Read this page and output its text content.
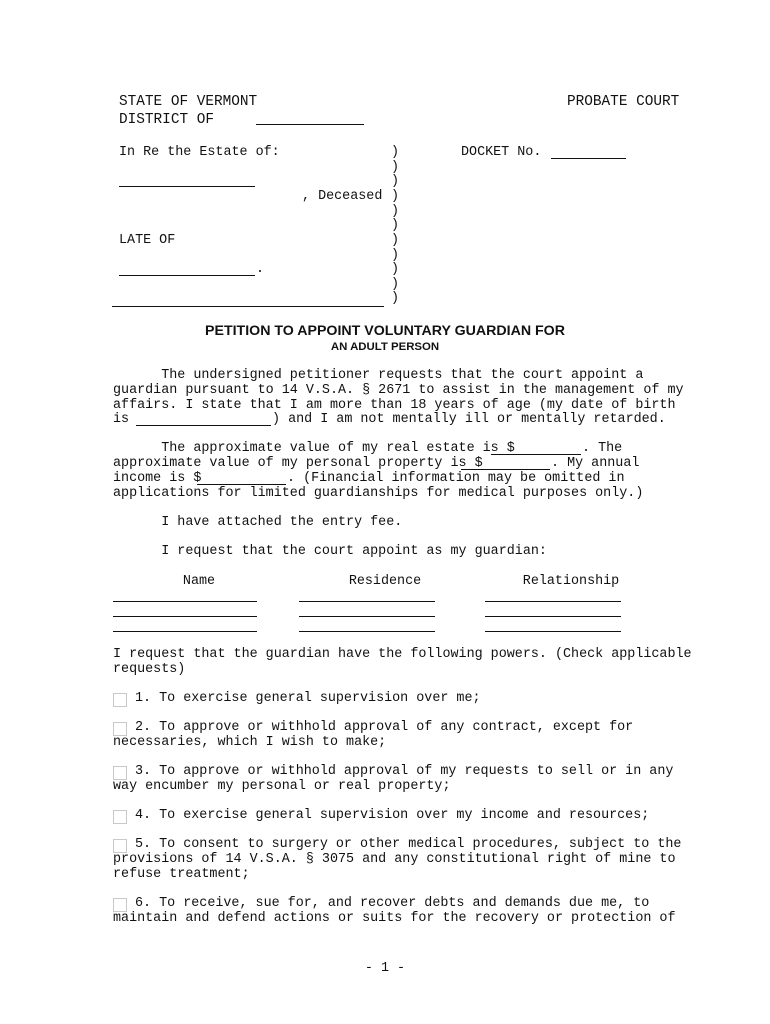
STATE OF VERMONT	PROBATE COURT
DISTRICT OF
In Re the Estate of:
, Deceased
LATE OF
.
)
)
)
)
)
)
)
)
)
)
)
DOCKET No.
PETITION TO APPOINT VOLUNTARY GUARDIAN FOR
AN ADULT PERSON
The undersigned petitioner requests that the court appoint a
guardian pursuant to 14 V.S.A. § 2671 to assist in the management of my
affairs. I state that I am more than 18 years of age (my date of birth
is	) and I am not mentally ill or mentally retarded.
The approximate value of my real estate is $	. The
approximate value of my personal property is $	. My annual
income is $	. (Financial information may be omitted in
applications for limited guardianships for medical purposes only.)
I have attached the entry fee.
I request that the court appoint as my guardian:
Name	Residence	Relationship
I request that the guardian have the following powers. (Check applicable
requests)
1. To exercise general supervision over me;
2. To approve or withhold approval of any contract, except for
necessaries, which I wish to make;
3. To approve or withhold approval of my requests to sell or in any
way encumber my personal or real property;
4. To exercise general supervision over my income and resources;
5. To consent to surgery or other medical procedures, subject to the
provisions of 14 V.S.A. § 3075 and any constitutional right of mine to
refuse treatment;
6. To receive, sue for, and recover debts and demands due me, to
maintain and defend actions or suits for the recovery or protection of
- 1 -
